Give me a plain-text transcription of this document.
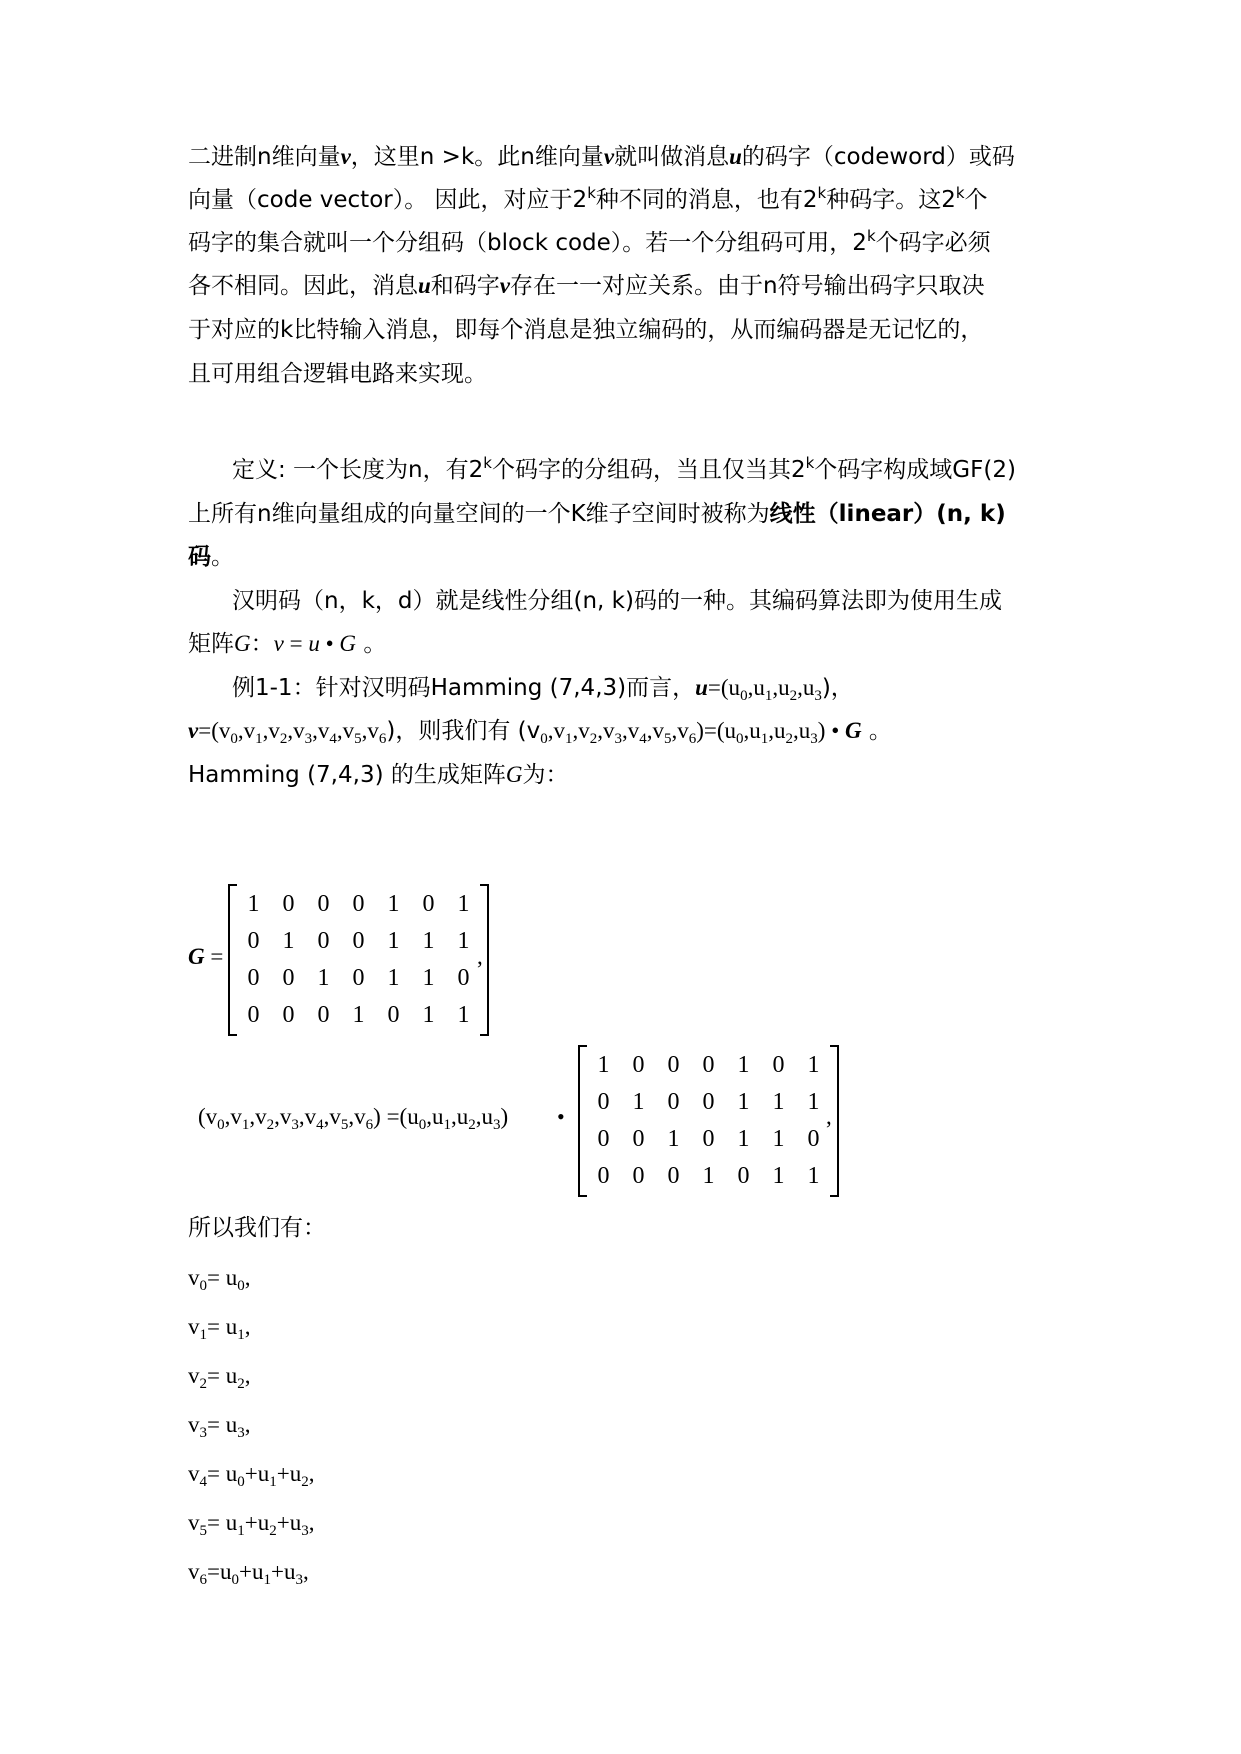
二进制n维向量v，这里n >k。此n维向量v就叫做消息u的码字（codeword）或码
向量（code vector）。 因此，对应于2$^k$种不同的消息，也有2$^k$种码字。这2$^k$个
码字的集合就叫一个分组码（block code）。若一个分组码可用，2$^k$个码字必须
各不相同。因此，消息u和码字v存在一一对应关系。由于n符号输出码字只取决
于对应的k比特输入消息，即每个消息是独立编码的，从而编码器是无记忆的，
且可用组合逻辑电路来实现。
定义: 一个长度为n，有2$^k$个码字的分组码，当且仅当其2$^k$个码字构成域GF(2)
上所有n维向量组成的向量空间的一个K维子空间时被称为线性（linear）(n, k)
码。
汉明码（n，k，d）就是线性分组(n, k)码的一种。其编码算法即为使用生成
矩阵G：v = u • G 。
例1-1：针对汉明码Hamming (7,4,3)而言，$u=(u_0,u_1,u_2,u_3)$，
$v=(v_0,v_1,v_2,v_3,v_4,v_5,v_6)$，则我们有 $(v_0,v_1,v_2,v_3,v_4,v_5,v_6)=(u_0,u_1,u_2,u_3)$ • G 。
Hamming (7,4,3) 的生成矩阵G为：
G =
1 0 0 0 1 0 1
0 1 0 0 1 1 1
0 0 1 0 1 1 0
0 0 0 1 0 1 1
,
$(v_0,v_1,v_2,v_3,v_4,v_5,v_6) =(u_0,u_1,u_2,u_3)$ •
1 0 0 0 1 0 1
0 1 0 0 1 1 1
0 0 1 0 1 1 0
0 0 0 1 0 1 1
,
所以我们有：
$v_0= u_0$,
$v_1= u_1$,
$v_2= u_2$,
$v_3= u_3$,
$v_4= u_0+u_1+u_2$,
$v_5= u_1+u_2+u_3$,
$v_6=u_0+u_1+u_3$,
